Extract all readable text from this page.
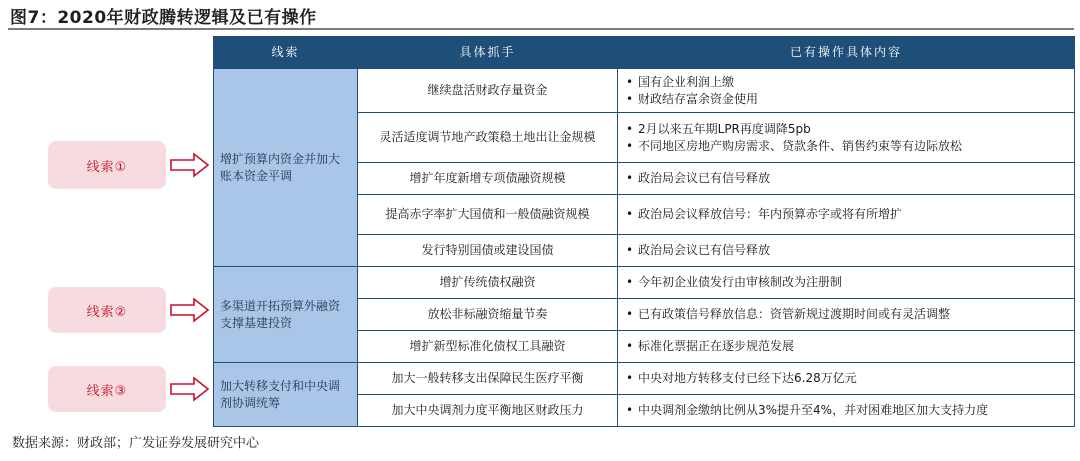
图7：2020年财政腾转逻辑及已有操作
线索	具体抓手	已有操作具体内容
增扩预算内资金并加大账本资金平调	继续盘活财政存量资金	• 国有企业利润上缴
• 财政结存富余资金使用

	灵活适度调节地产政策稳土地出让金规模	• 2月以来五年期LPR再度调降5pb
• 不同地区房地产购房需求、贷款条件、销售约束等有边际放松

	增扩年度新增专项债融资规模	• 政治局会议已有信号释放

	提高赤字率扩大国债和一般债融资规模	• 政治局会议释放信号：年内预算赤字或将有所增扩

	发行特别国债或建设国债	• 政治局会议已有信号释放

多渠道开拓预算外融资支撑基建投资	增扩传统债权融资	• 今年初企业债发行由审核制改为注册制

	放松非标融资缩量节奏	• 已有政策信号释放信息：资管新规过渡期时间或有灵活调整

	增扩新型标准化债权工具融资	• 标准化票据正在逐步规范发展

加大转移支付和中央调剂协调统筹	加大一般转移支出保障民生医疗平衡	• 中央对地方转移支付已经下达6.28万亿元

	加大中央调剂力度平衡地区财政压力	• 中央调剂金缴纳比例从3%提升至4%，并对困难地区加大支持力度
线索①
线索②
线索③
数据来源：财政部；广发证券发展研究中心
